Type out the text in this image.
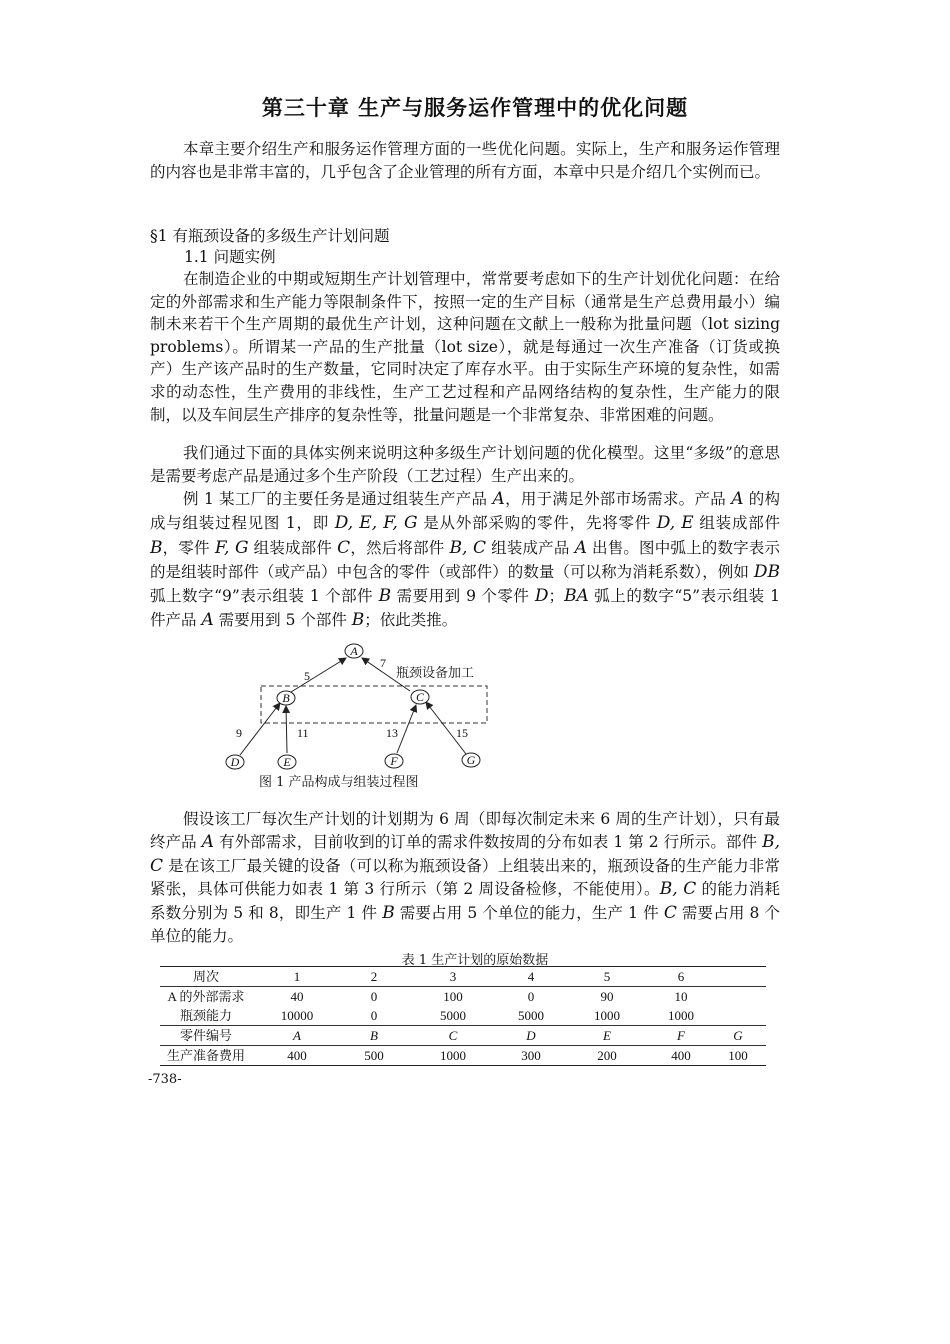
第三十章 生产与服务运作管理中的优化问题

本章主要介绍生产和服务运作管理方面的一些优化问题。实际上，生产和服务运作管理的内容也是非常丰富的，几乎包含了企业管理的所有方面，本章中只是介绍几个实例而已。

§1 有瓶颈设备的多级生产计划问题

1.1 问题实例

在制造企业的中期或短期生产计划管理中，常常要考虑如下的生产计划优化问题：在给定的外部需求和生产能力等限制条件下，按照一定的生产目标（通常是生产总费用最小）编制未来若干个生产周期的最优生产计划，这种问题在文献上一般称为批量问题（lot sizing problems）。所谓某一产品的生产批量（lot size），就是每通过一次生产准备（订货或换产）生产该产品时的生产数量，它同时决定了库存水平。由于实际生产环境的复杂性，如需求的动态性，生产费用的非线性，生产工艺过程和产品网络结构的复杂性，生产能力的限制，以及车间层生产排序的复杂性等，批量问题是一个非常复杂、非常困难的问题。

我们通过下面的具体实例来说明这种多级生产计划问题的优化模型。这里“多级”的意思是需要考虑产品是通过多个生产阶段（工艺过程）生产出来的。

例 1 某工厂的主要任务是通过组装生产产品 A，用于满足外部市场需求。产品 A 的构成与组装过程见图 1，即 D, E, F, G 是从外部采购的零件，先将零件 D, E 组装成部件 B，零件 F, G 组装成部件 C，然后将部件 B, C 组装成产品 A 出售。图中弧上的数字表示的是组装时部件（或产品）中包含的零件（或部件）的数量（可以称为消耗系数），例如 DB 弧上数字“9”表示组装 1 个部件 B 需要用到 9 个零件 D；BA 弧上的数字“5”表示组装 1 件产品 A 需要用到 5 个部件 B；依此类推。

A
B	C
D	E	F	G
5
7
9	11	13	15
瓶颈设备加工
图 1 产品构成与组装过程图

假设该工厂每次生产计划的计划期为 6 周（即每次制定未来 6 周的生产计划），只有最终产品 A 有外部需求，目前收到的订单的需求件数按周的分布如表 1 第 2 行所示。部件 B, C 是在该工厂最关键的设备（可以称为瓶颈设备）上组装出来的，瓶颈设备的生产能力非常紧张，具体可供能力如表 1 第 3 行所示（第 2 周设备检修，不能使用）。B, C 的能力消耗系数分别为 5 和 8，即生产 1 件 B 需要占用 5 个单位的能力，生产 1 件 C 需要占用 8 个单位的能力。

表 1 生产计划的原始数据
周次	1	2	3	4	5	6	
A 的外部需求	40	0	100	0	90	10	
瓶颈能力	10000	0	5000	5000	1000	1000	
零件编号	A	B	C	D	E	F	G
生产准备费用	400	500	1000	300	200	400	100
-738-
